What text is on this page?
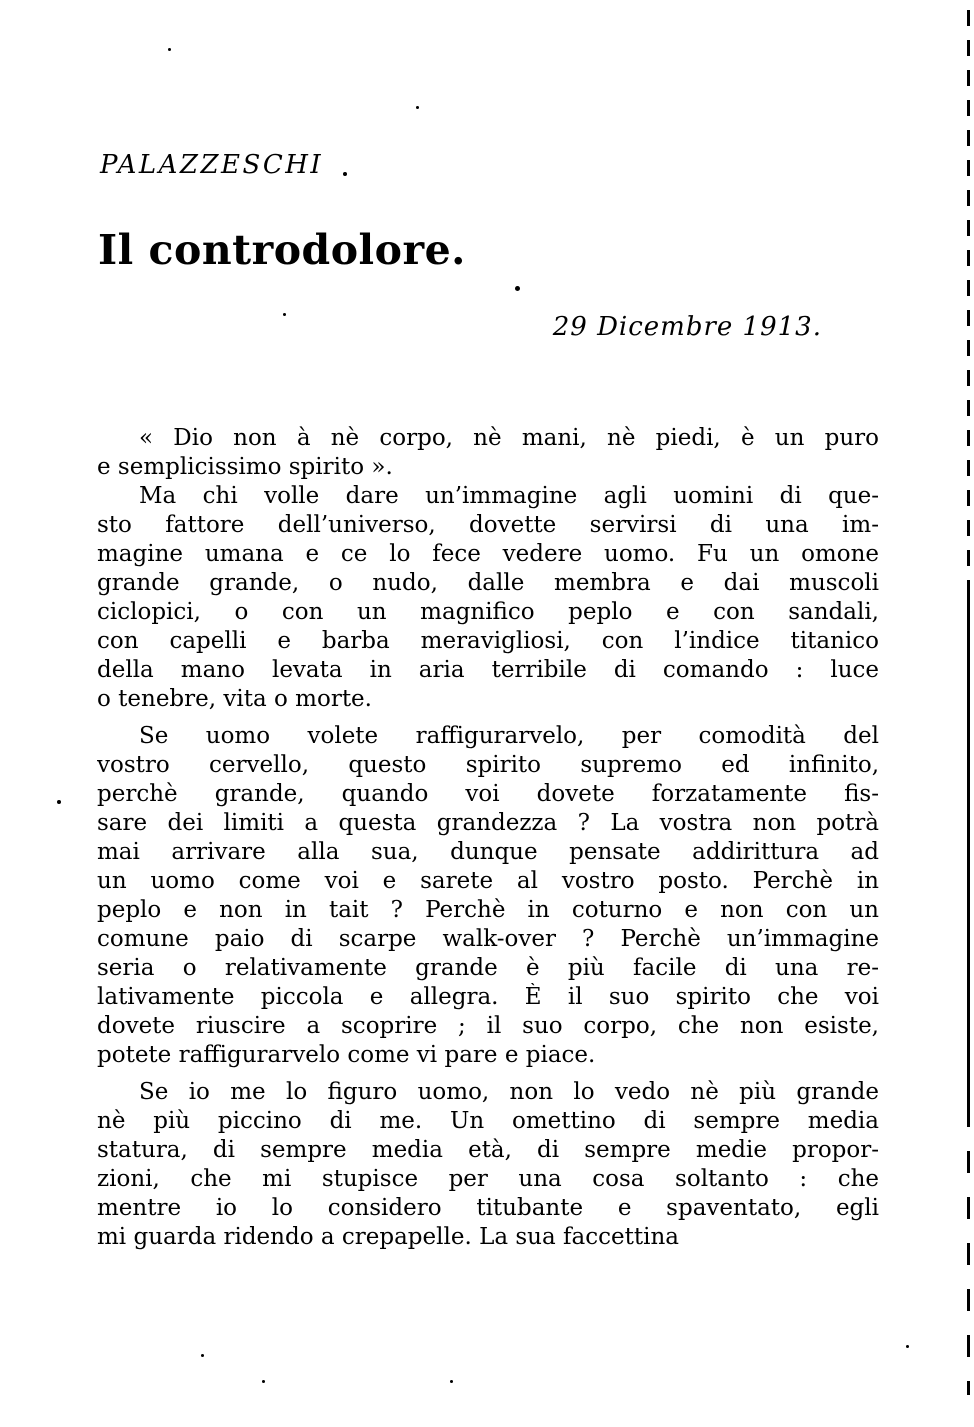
PALAZZESCHI
Il controdolore.
29 Dicembre 1913.
« Dio non à nè corpo, nè mani, nè piedi, è un puro
e semplicissimo spirito ».
Ma chi volle dare un’immagine agli uomini di que-
sto fattore dell’universo, dovette servirsi di una im-
magine umana e ce lo fece vedere uomo. Fu un omone
grande grande, o nudo, dalle membra e dai muscoli
ciclopici, o con un magnifico peplo e con sandali,
con capelli e barba meravigliosi, con l’indice titanico
della mano levata in aria terribile di comando : luce
o tenebre, vita o morte.
Se uomo volete raffigurarvelo, per comodità del
vostro cervello, questo spirito supremo ed infinito,
perchè grande, quando voi dovete forzatamente fis-
sare dei limiti a questa grandezza ? La vostra non potrà
mai arrivare alla sua, dunque pensate addirittura ad
un uomo come voi e sarete al vostro posto. Perchè in
peplo e non in tait ? Perchè in coturno e non con un
comune paio di scarpe walk-over ? Perchè un’immagine
seria o relativamente grande è più facile di una re-
lativamente piccola e allegra. È il suo spirito che voi
dovete riuscire a scoprire ; il suo corpo, che non esiste,
potete raffigurarvelo come vi pare e piace.
Se io me lo figuro uomo, non lo vedo nè più grande
nè più piccino di me. Un omettino di sempre media
statura, di sempre media età, di sempre medie propor-
zioni, che mi stupisce per una cosa soltanto : che
mentre io lo considero titubante e spaventato, egli
mi guarda ridendo a crepapelle. La sua faccettina
